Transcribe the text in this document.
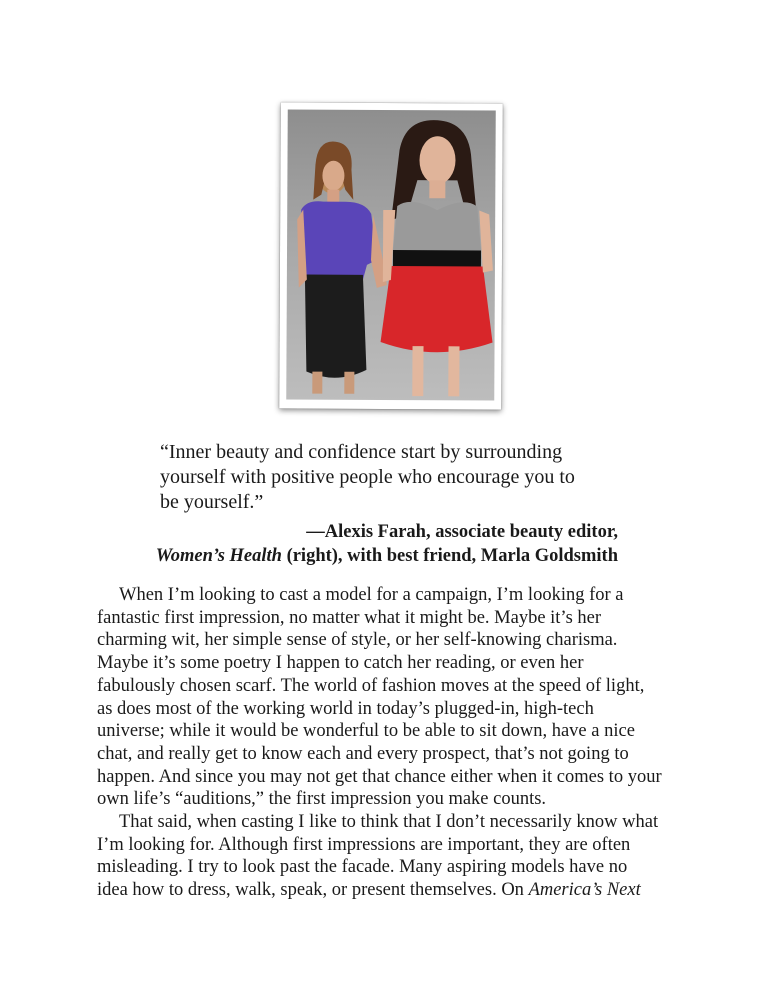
“Inner beauty and confidence start by surrounding
yourself with positive people who encourage you to
be yourself.”

—Alexis Farah, associate beauty editor,
Women’s Health (right), with best friend, Marla Goldsmith
When I’m looking to cast a model for a campaign, I’m looking for a
fantastic first impression, no matter what it might be. Maybe it’s her
charming wit, her simple sense of style, or her self-knowing charisma.
Maybe it’s some poetry I happen to catch her reading, or even her
fabulously chosen scarf. The world of fashion moves at the speed of light,
as does most of the working world in today’s plugged-in, high-tech
universe; while it would be wonderful to be able to sit down, have a nice
chat, and really get to know each and every prospect, that’s not going to
happen. And since you may not get that chance either when it comes to your
own life’s “auditions,” the first impression you make counts.
That said, when casting I like to think that I don’t necessarily know what
I’m looking for. Although first impressions are important, they are often
misleading. I try to look past the facade. Many aspiring models have no
idea how to dress, walk, speak, or present themselves. On America’s Next
